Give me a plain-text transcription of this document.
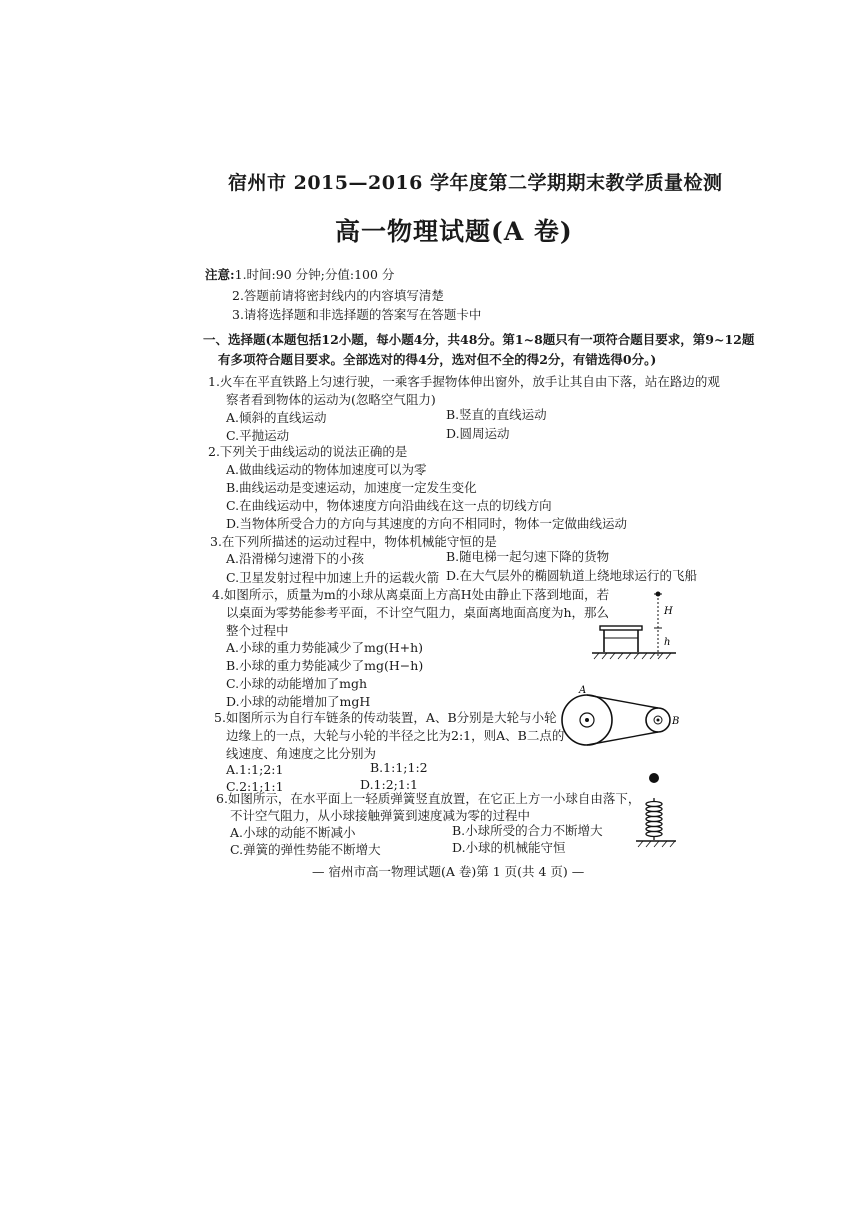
宿州市 2015—2016 学年度第二学期期末教学质量检测
高一物理试题(A 卷)
注意:1.时间:90 分钟;分值:100 分
2.答题前请将密封线内的内容填写清楚
3.请将选择题和非选择题的答案写在答题卡中
一、选择题(本题包括12小题，每小题4分，共48分。第1~8题只有一项符合题目要求，第9~12题
有多项符合题目要求。全部选对的得4分，选对但不全的得2分，有错选得0分。)
1.火车在平直铁路上匀速行驶，一乘客手握物体伸出窗外，放手让其自由下落，站在路边的观
察者看到物体的运动为(忽略空气阻力)
A.倾斜的直线运动	B.竖直的直线运动
C.平抛运动	D.圆周运动
2.下列关于曲线运动的说法正确的是
A.做曲线运动的物体加速度可以为零
B.曲线运动是变速运动，加速度一定发生变化
C.在曲线运动中，物体速度方向沿曲线在这一点的切线方向
D.当物体所受合力的方向与其速度的方向不相同时，物体一定做曲线运动
3.在下列所描述的运动过程中，物体机械能守恒的是
A.沿滑梯匀速滑下的小孩	B.随电梯一起匀速下降的货物
C.卫星发射过程中加速上升的运载火箭 D.在大气层外的椭圆轨道上绕地球运行的飞船
4.如图所示，质量为m的小球从离桌面上方高H处由静止下落到地面，若
以桌面为零势能参考平面，不计空气阻力，桌面离地面高度为h，那么
整个过程中
A.小球的重力势能减少了mg(H+h)
B.小球的重力势能减少了mg(H−h)
C.小球的动能增加了mgh
D.小球的动能增加了mgH
H
h
5.如图所示为自行车链条的传动装置，A、B分别是大轮与小轮
边缘上的一点，大轮与小轮的半径之比为2:1，则A、B二点的
线速度、角速度之比分别为
A.1:1;2:1	B.1:1;1:2
C.2:1;1:1	D.1:2;1:1
A
B
6.如图所示，在水平面上一轻质弹簧竖直放置，在它正上方一小球自由落下，
不计空气阻力，从小球接触弹簧到速度减为零的过程中
A.小球的动能不断减小	B.小球所受的合力不断增大
C.弹簧的弹性势能不断增大	D.小球的机械能守恒
— 宿州市高一物理试题(A 卷)第 1 页(共 4 页) —
